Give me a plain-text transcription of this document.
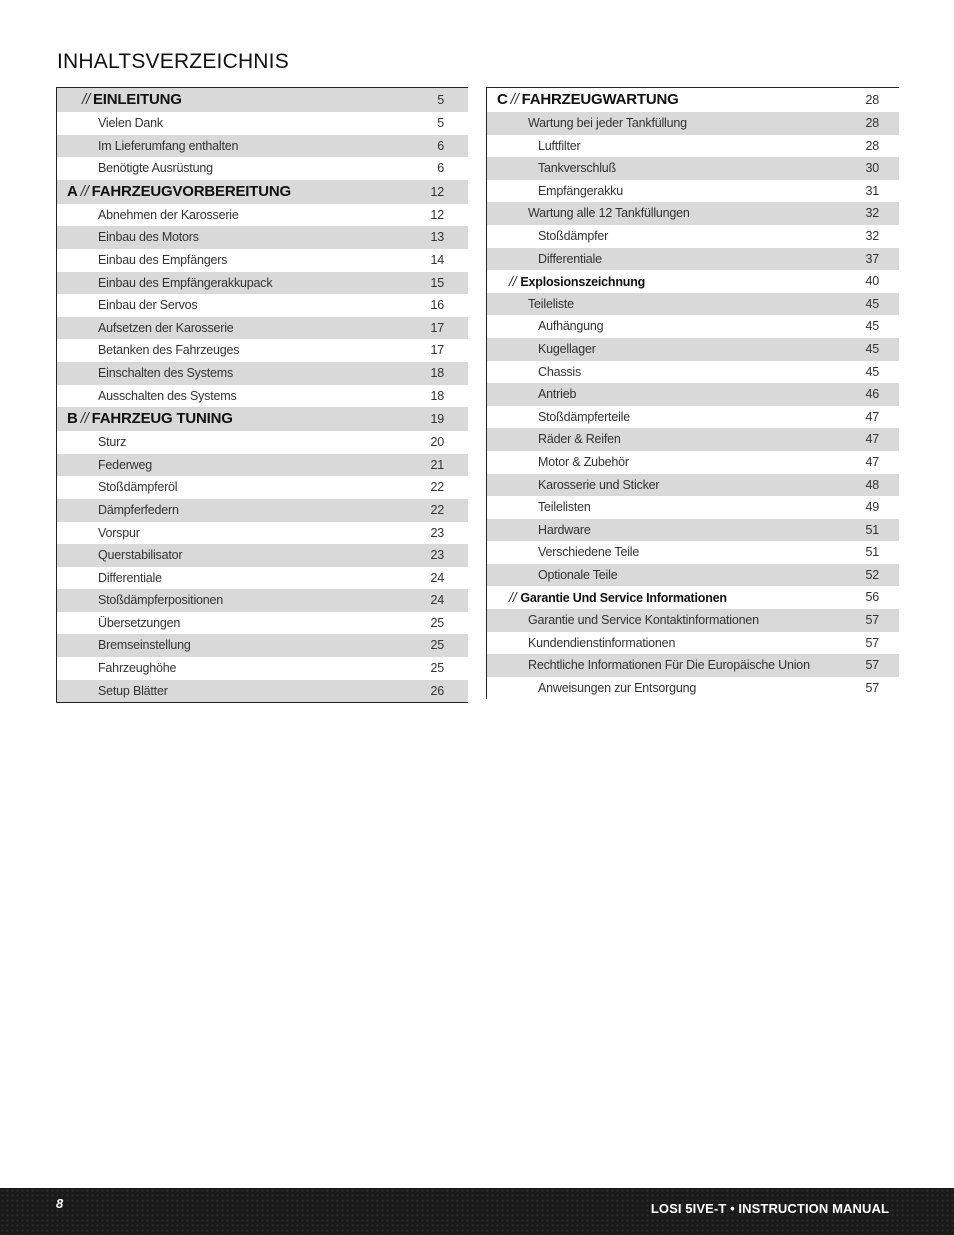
INHALTSVERZEICHNIS
// EINLEITUNG	5
Vielen Dank	5
Im Lieferumfang enthalten	6
Benötigte Ausrüstung	6
A // FAHRZEUGVORBEREITUNG	12
Abnehmen der Karosserie	12
Einbau des Motors	13
Einbau des Empfängers	14
Einbau des Empfängerakkupack	15
Einbau der Servos	16
Aufsetzen der Karosserie	17
Betanken des Fahrzeuges	17
Einschalten des Systems	18
Ausschalten des Systems	18
B // FAHRZEUG TUNING	19
Sturz	20
Federweg	21
Stoßdämpferöl	22
Dämpferfedern	22
Vorspur	23
Querstabilisator	23
Differentiale	24
Stoßdämpferpositionen	24
Übersetzungen	25
Bremseinstellung	25
Fahrzeughöhe	25
Setup Blätter	26
C // FAHRZEUGWARTUNG	28
Wartung bei jeder Tankfüllung	28
Luftfilter	28
Tankverschluß	30
Empfängerakku	31
Wartung alle 12 Tankfüllungen	32
Stoßdämpfer	32
Differentiale	37
// Explosionszeichnung	40
Teileliste	45
Aufhängung	45
Kugellager	45
Chassis	45
Antrieb	46
Stoßdämpferteile	47
Räder & Reifen	47
Motor & Zubehör	47
Karosserie und Sticker	48
Teilelisten	49
Hardware	51
Verschiedene Teile	51
Optionale Teile	52
// Garantie Und Service Informationen	56
Garantie und Service Kontaktinformationen	57
Kundendienstinformationen	57
Rechtliche Informationen Für Die Europäische Union	57
Anweisungen zur Entsorgung	57
8	LOSI 5IVE-T • INSTRUCTION MANUAL
